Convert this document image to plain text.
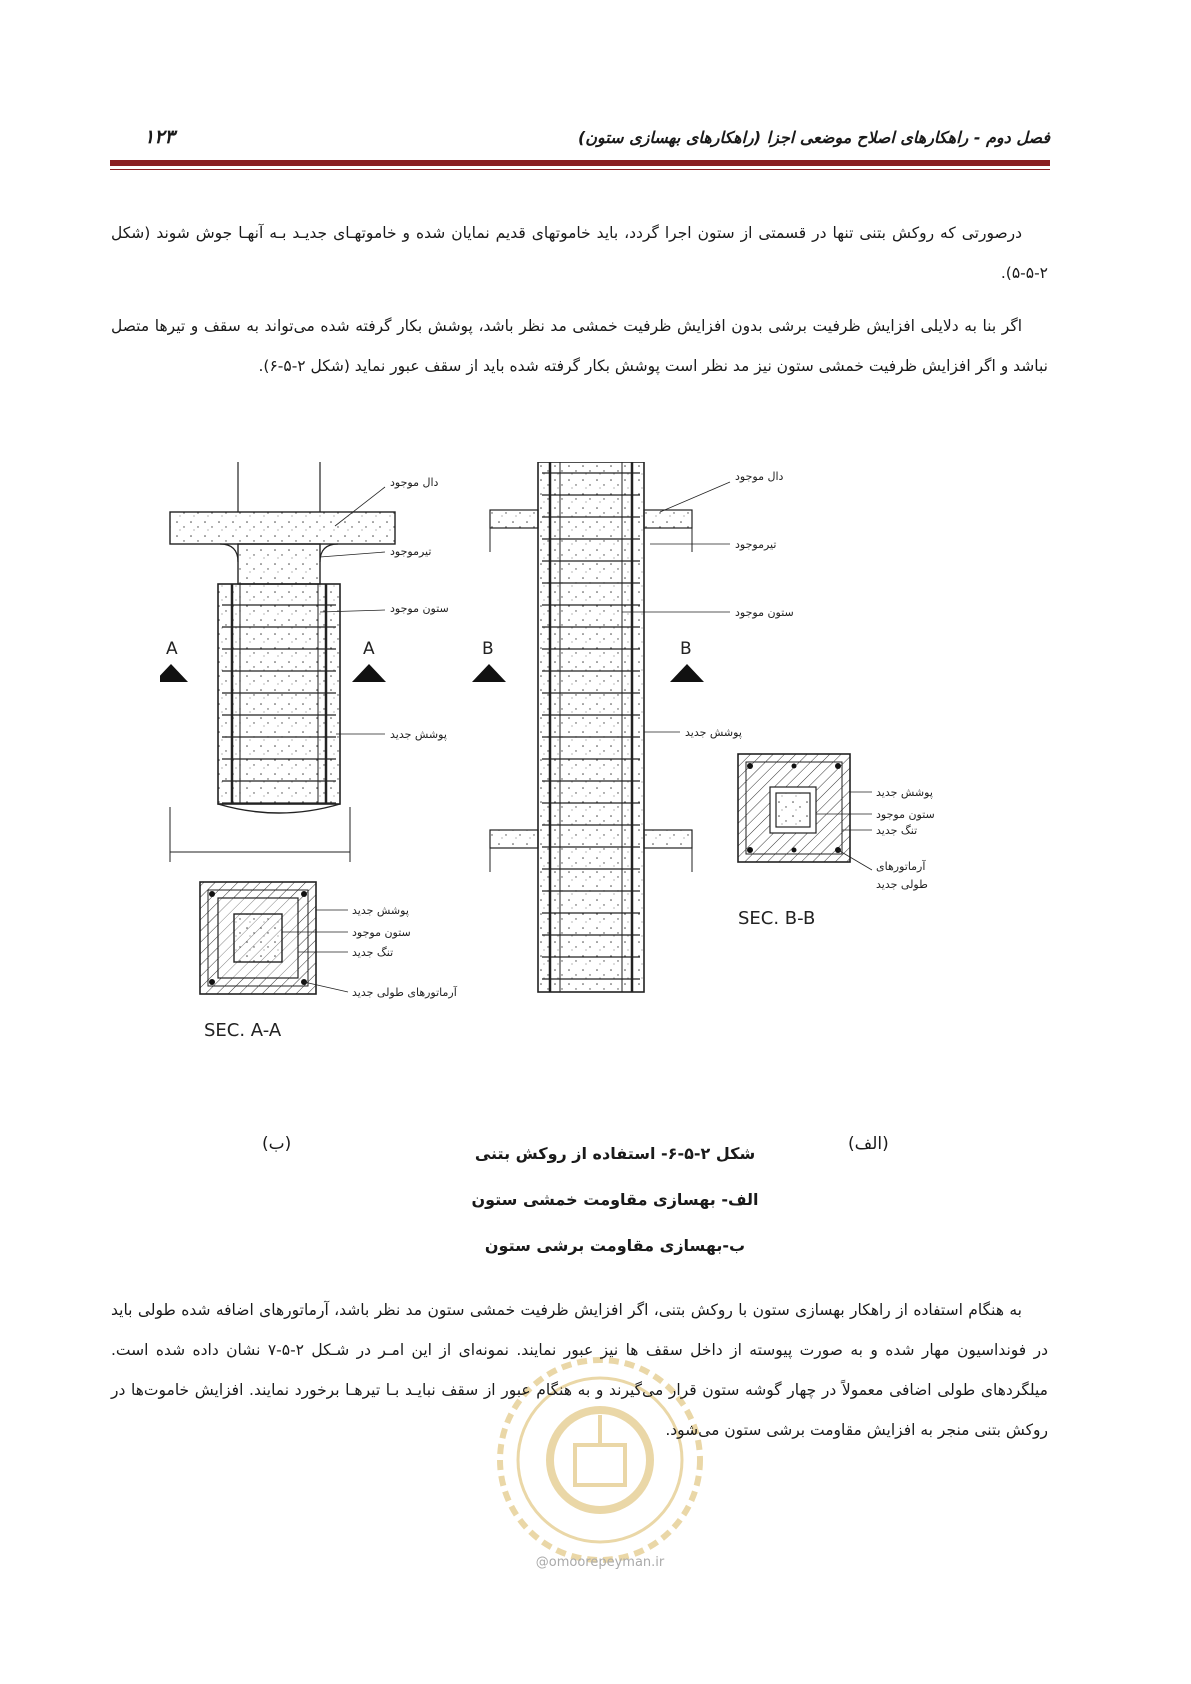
فصل دوم - راهکارهای اصلاح موضعی اجزا (راهکارهای بهسازی ستون)
۱۲۳
درصورتی که روکش بتنی تنها در قسمتی از ستون اجرا گردد، باید خاموتهای قدیم نمایان شده و خاموتهـای جدیـد بـه آنهـا جوش شوند (شکل ۲-۵-۵).
اگر بنا به دلایلی افزایش ظرفیت برشی بدون افزایش ظرفیت خمشی مد نظر باشد، پوشش بکار گرفته شده می‌تواند به سقف و تیرها متصل نباشد و اگر افزایش ظرفیت خمشی ستون نیز مد نظر است پوشش بکار گرفته شده باید از سقف عبور نماید (شکل ۲-۵-۶).
A	A
دال موجود
تیرموجود
ستون موجود
پوشش جدید
پوشش جدید
ستون موجود
تنگ جدید
آرماتورهای طولی جدید
SEC. A-A
B	B
دال موجود
تیرموجود
ستون موجود
پوشش جدید
پوشش جدید
ستون موجود
تنگ جدید
آرماتورهای
طولی جدید
SEC. B-B
(ب)	(الف)
شکل ۲-۵-۶- استفاده از روکش بتنی
الف- بهسازی مقاومت خمشی ستون
ب-بهسازی مقاومت برشی ستون
@omoorepeyman.ir
به هنگام استفاده از راهکار بهسازی ستون با روکش بتنی، اگر افزایش ظرفیت خمشی ستون مد نظر باشد، آرماتورهای اضافه شده طولی باید در فونداسیون مهار شده و به صورت پیوسته از داخل سقف ها نیز عبور نمایند. نمونه‌ای از این امـر در شـکل ۲-۵-۷ نشان داده شده است. میلگردهای طولی اضافی معمولاً در چهار گوشه ستون قرار می‌گیرند و به هنگام عبور از سقف نبایـد بـا تیرهـا برخورد نمایند. افزایش خاموت‌ها در روکش بتنی منجر به افزایش مقاومت برشی ستون می‌شود.
